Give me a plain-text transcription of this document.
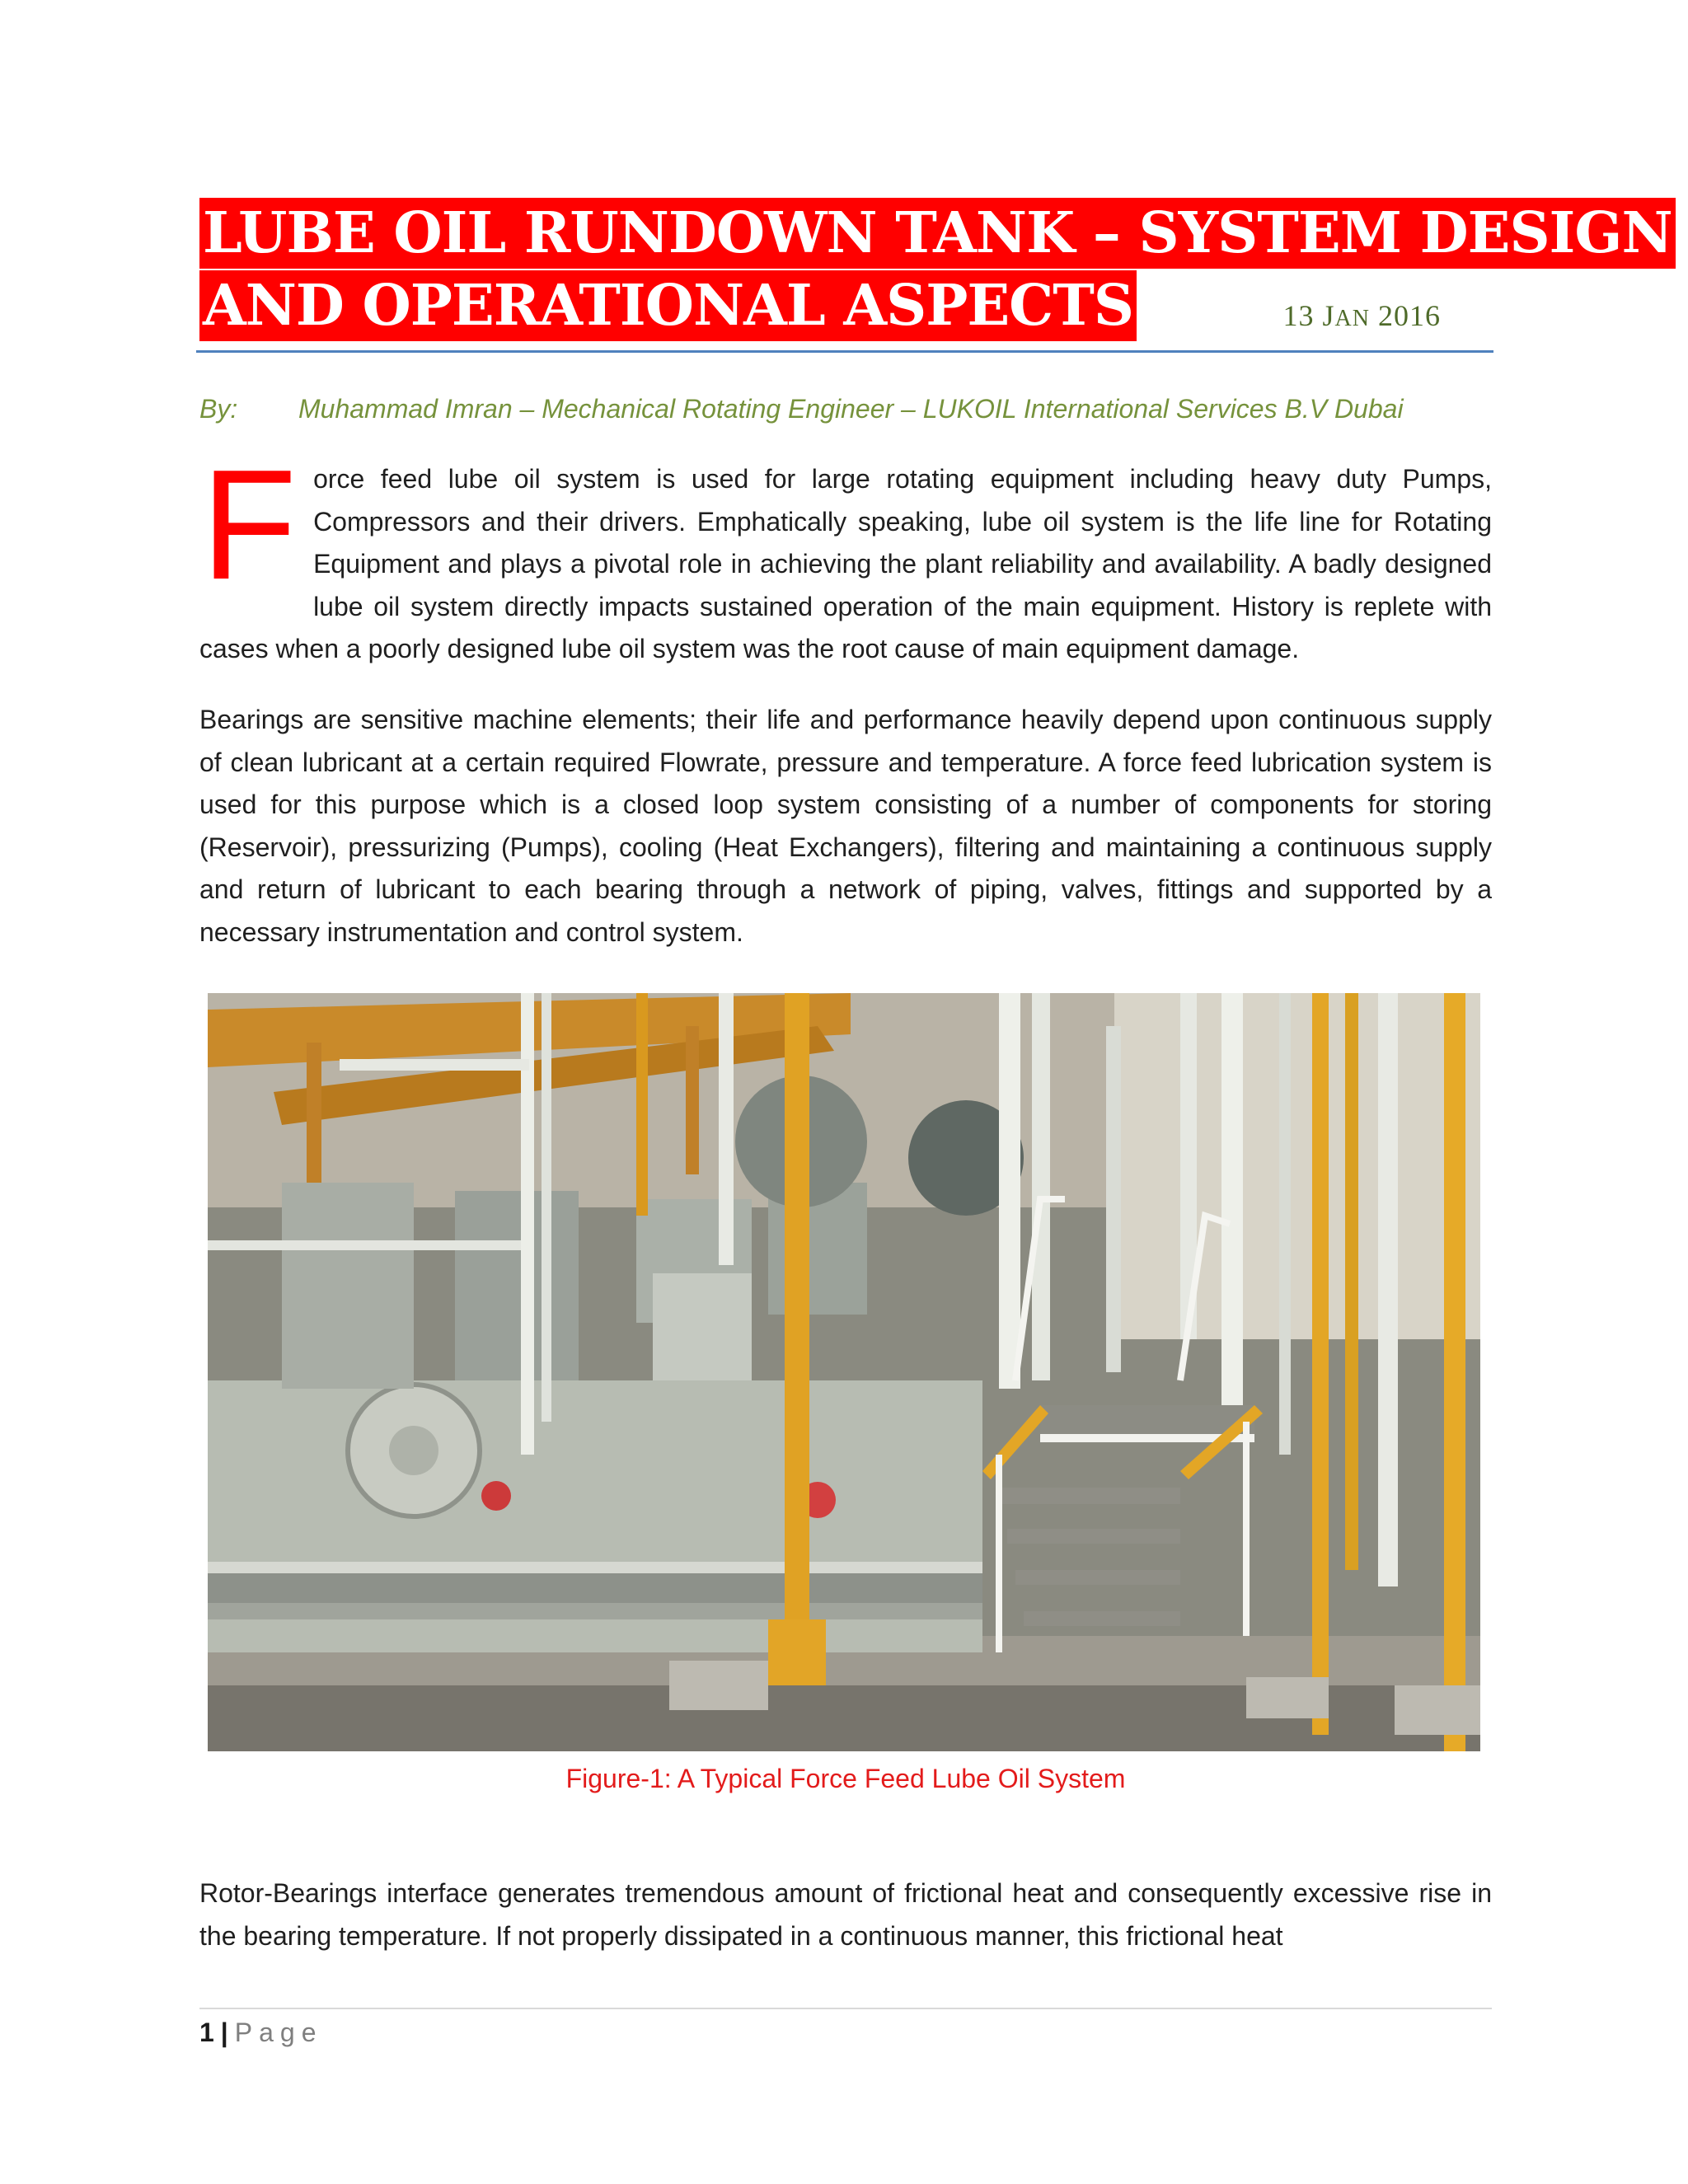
LUBE OIL RUNDOWN TANK – SYSTEM DESIGN
AND OPERATIONAL ASPECTS	13 JAN 2016
By: Muhammad Imran – Mechanical Rotating Engineer – LUKOIL International Services B.V Dubai
Force feed lube oil system is used for large rotating equipment including heavy duty Pumps, Compressors and their drivers. Emphatically speaking, lube oil system is the life line for Rotating Equipment and plays a pivotal role in achieving the plant reliability and availability. A badly designed lube oil system directly impacts sustained operation of the main equipment. History is replete with cases when a poorly designed lube oil system was the root cause of main equipment damage.
Bearings are sensitive machine elements; their life and performance heavily depend upon continuous supply of clean lubricant at a certain required Flowrate, pressure and temperature. A force feed lubrication system is used for this purpose which is a closed loop system consisting of a number of components for storing (Reservoir), pressurizing (Pumps), cooling (Heat Exchangers), filtering and maintaining a continuous supply and return of lubricant to each bearing through a network of piping, valves, fittings and supported by a necessary instrumentation and control system.
Figure-1: A Typical Force Feed Lube Oil System
Rotor-Bearings interface generates tremendous amount of frictional heat and consequently excessive rise in the bearing temperature. If not properly dissipated in a continuous manner, this frictional heat
1 | Page
